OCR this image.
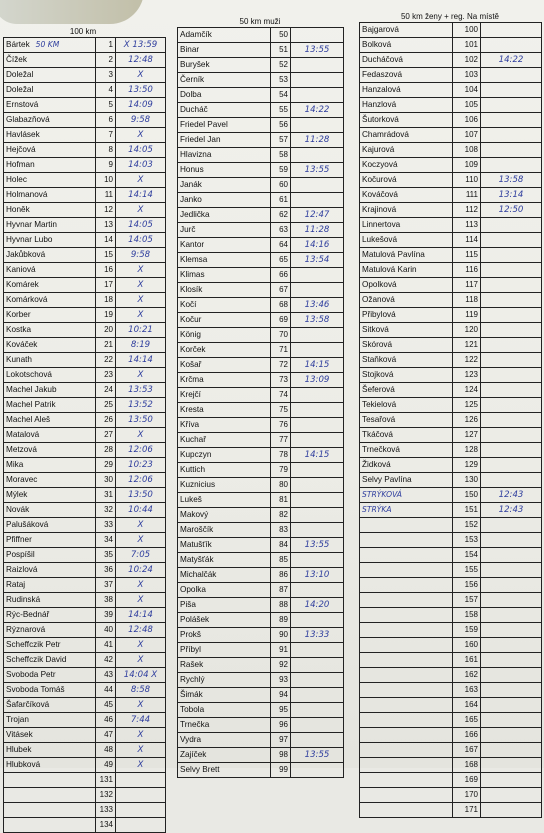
100 km
Bártek 50 KM	1	X 13:59
Čížek	2	12:48
Doležal	3	X
Doležal	4	13:50
Ernstová	5	14:09
Glabazňová	6	9:58
Havlásek	7	X
Hejčová	8	14:05
Hofman	9	14:03
Holec	10	X
Holmanová	11	14:14
Honěk	12	X
Hyvnar Martin	13	14:05
Hyvnar Lubo	14	14:05
Jakůbková	15	9:58
Kaniová	16	X
Komárek	17	X
Komárková	18	X
Korber	19	X
Kostka	20	10:21
Kováček	21	8:19
Kunath	22	14:14
Lokotschová	23	X
Machel Jakub	24	13:53
Machel Patrik	25	13:52
Machel Aleš	26	13:50
Matalová	27	X
Metzová	28	12:06
Mika	29	10:23
Moravec	30	12:06
Mýlek	31	13:50
Novák	32	10:44
Palušáková	33	X
Pfiffner	34	X
Pospíšil	35	7:05
Raizlová	36	10:24
Rataj	37	X
Rudinská	38	X
Rýc-Bednář	39	14:14
Rýznarová	40	12:48
Scheffczik Petr	41	X
Scheffczik David	42	X
Svoboda Petr	43	14:04 X
Svoboda Tomáš	44	8:58
Šafarčíková	45	X
Trojan	46	7:44
Vitásek	47	X
Hlubek	48	X
Hlubková	49	X
	131	
	132	
	133	
	134	
50 km muži
Adamčík	50	
Binar	51	13:55
Buryšek	52	
Černík	53	
Dolba	54	
Ducháč	55	14:22
Friedel Pavel	56	
Friedel Jan	57	11:28
Hlavizna	58	
Honus	59	13:55
Janák	60	
Janko	61	
Jedlička	62	12:47
Jurč	63	11:28
Kantor	64	14:16
Klemsa	65	13:54
Klimas	66	
Klosík	67	
Kočí	68	13:46
Kočur	69	13:58
König	70	
Korček	71	
Košař	72	14:15
Krčma	73	13:09
Krejčí	74	
Kresta	75	
Kříva	76	
Kuchař	77	
Kupczyn	78	14:15
Kuttich	79	
Kuznicius	80	
Lukeš	81	
Makový	82	
Maroščík	83	
Matušťík	84	13:55
Matyšťák	85	
Michalčák	86	13:10
Opolka	87	
Piša	88	14:20
Polášek	89	
Prokš	90	13:33
Příbyl	91	
Rašek	92	
Rychlý	93	
Šimák	94	
Tobola	95	
Trnečka	96	
Vydra	97	
Zajíček	98	13:55
Selvy Brett	99	
50 km ženy + reg. Na místě
Bajgarová	100	
Bolková	101	
Ducháčová	102	14:22
Fedaszová	103	
Hanzalová	104	
Hanzlová	105	
Šutorková	106	
Chamrádová	107	
Kajurová	108	
Koczyová	109	
Kočurová	110	13:58
Kováčová	111	13:14
Krajinová	112	12:50
Linnertova	113	
Lukešová	114	
Matulová Pavlína	115	
Matulová Karin	116	
Opolková	117	
Ožanová	118	
Přibylová	119	
Sitková	120	
Skórová	121	
Staňková	122	
Stojková	123	
Šeferová	124	
Tekielová	125	
Tesařová	126	
Tkáčová	127	
Trnečková	128	
Židková	129	
Selvy Pavlína	130	
STRÝKOVÁ	150	12:43
STRÝKA	151	12:43
	152	
	153	
	154	
	155	
	156	
	157	
	158	
	159	
	160	
	161	
	162	
	163	
	164	
	165	
	166	
	167	
	168	
	169	
	170	
	171	
